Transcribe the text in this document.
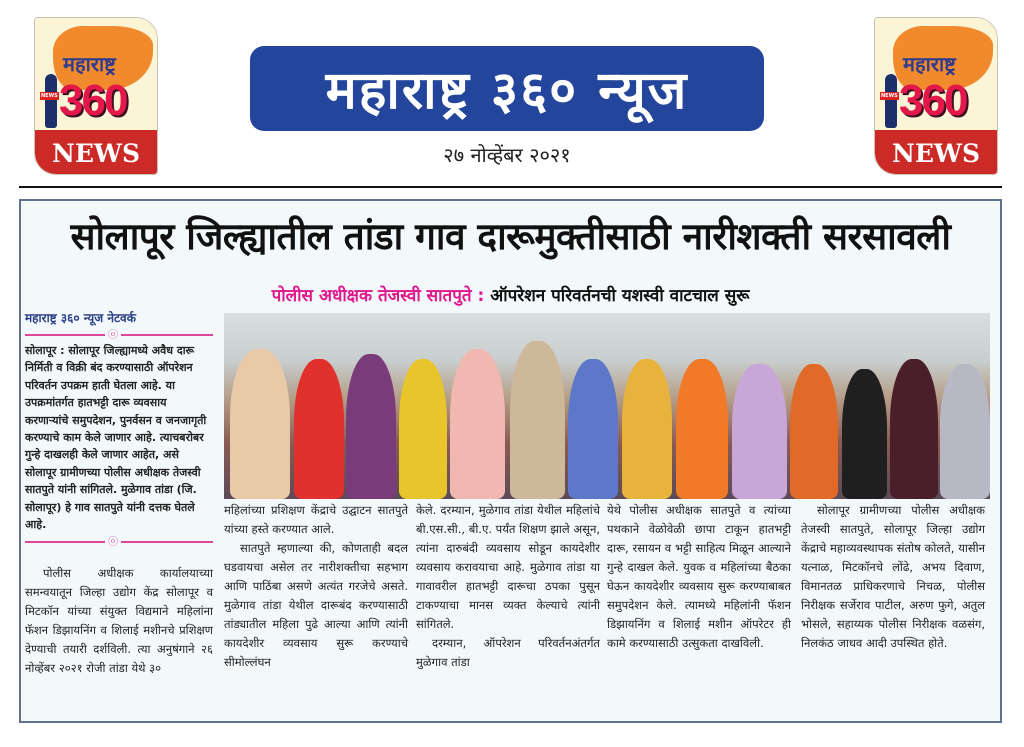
महाराष्ट्र
NEWS 360
NEWS
महाराष्ट्र ३६० न्यूज
२७ नोव्हेंबर २०२१
महाराष्ट्र
NEWS 360
NEWS
सोलापूर जिल्ह्यातील तांडा गाव दारूमुक्तीसाठी नारीशक्ती सरसावली
पोलीस अधीक्षक तेजस्वी सातपुते : ऑपरेशन परिवर्तनची यशस्वी वाटचाल सुरू
महाराष्ट्र ३६० न्यूज नेटवर्क
ⓞ
सोलापूर : सोलापूर जिल्ह्यामध्ये अवैध दारू निर्मिती व विक्री बंद करण्यासाठी ऑपरेशन परिवर्तन उपक्रम हाती घेतला आहे. या उपक्रमांतर्गत हातभट्टी दारू व्यवसाय करणाऱ्यांचे समुपदेशन, पुनर्वसन व जनजागृती करण्याचे काम केले जाणार आहे. त्याचबरोबर गुन्हे दाखलही केले जाणार आहेत, असे सोलापूर ग्रामीणच्या पोलीस अधीक्षक तेजस्वी सातपुते यांनी सांगितले. मुळेगाव तांडा (जि. सोलापूर) हे गाव सातपुते यांनी दत्तक घेतले आहे.
ⓞ

पोलीस अधीक्षक कार्यालयाच्या समन्वयातून जिल्हा उद्योग केंद्र सोलापूर व मिटकॉन यांच्या संयुक्त विद्यमाने महिलांना फॅशन डिझायनिंग व शिलाई मशीनचे प्रशिक्षण देण्याची तयारी दर्शविली. त्या अनुषंगाने २६ नोव्हेंबर २०२१ रोजी तांडा येथे ३०

महिलांच्या प्रशिक्षण केंद्राचे उद्घाटन सातपुते यांच्या हस्ते करण्यात आले.

सातपुते म्हणाल्या की, कोणताही बदल घडवायचा असेल तर नारीशक्तीचा सहभाग आणि पाठिंबा असणे अत्यंत गरजेचे असते. मुळेगाव तांडा येथील दारूबंद करण्यासाठी तांड्यातील महिला पुढे आल्या आणि त्यांनी कायदेशीर व्यवसाय सुरू करण्याचे सीमोल्लंघन

केले. दरम्यान, मुळेगाव तांडा येथील महिलांचे बी.एस.सी., बी.ए. पर्यंत शिक्षण झाले असून, त्यांना दारुबंदी व्यवसाय सोडून कायदेशीर व्यवसाय करावयाचा आहे. मुळेगाव तांडा या गावावरील हातभट्टी दारूचा ठपका पुसून टाकण्याचा मानस व्यक्त केल्याचे त्यांनी सांगितले.

दरम्यान, ऑपरेशन परिवर्तनअंतर्गत मुळेगाव तांडा

येथे पोलीस अधीक्षक सातपुते व त्यांच्या पथकाने वेळोवेळी छापा टाकून हातभट्टी दारू, रसायन व भट्टी साहित्य मिळून आल्याने गुन्हे दाखल केले. युवक व महिलांच्या बैठका घेऊन कायदेशीर व्यवसाय सुरू करण्याबाबत समुपदेशन केले. त्यामध्ये महिलांनी फॅशन डिझायनिंग व शिलाई मशीन ऑपरेटर ही कामे करण्यासाठी उत्सुकता दाखविली.

सोलापूर ग्रामीणच्या पोलीस अधीक्षक तेजस्वी सातपुते, सोलापूर जिल्हा उद्योग केंद्राचे महाव्यवस्थापक संतोष कोलते, यासीन यत्नाळ, मिटकॉनचे लोंढे, अभय दिवाण, विमानतळ प्राधिकरणाचे निचळ, पोलीस निरीक्षक सर्जेराव पाटील, अरुण फुगे, अतुल भोसले, सहाय्यक पोलीस निरीक्षक वळसंग, निलकंठ जाधव आदी उपस्थित होते.
